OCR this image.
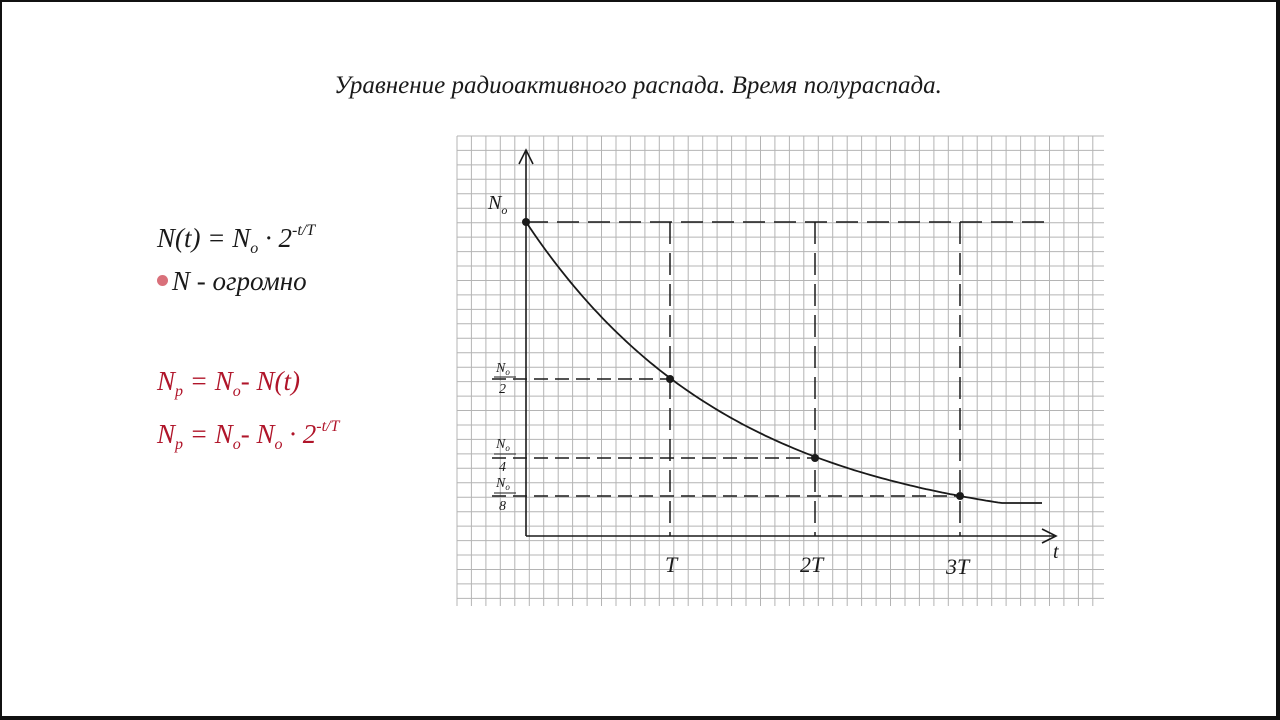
Уравнение радиоактивного распада. Время полураспада.
$N(t) = N_o \cdot 2^{-t/T}$
N - огромно
$N_р = N_o-$ N(t)
$N_р = N_o-$ $N_o \cdot 2^{-t/T}$
$N_o$
$N_o$
2
$N_o$
4
$N_o$
8
t
T	2T	3T
